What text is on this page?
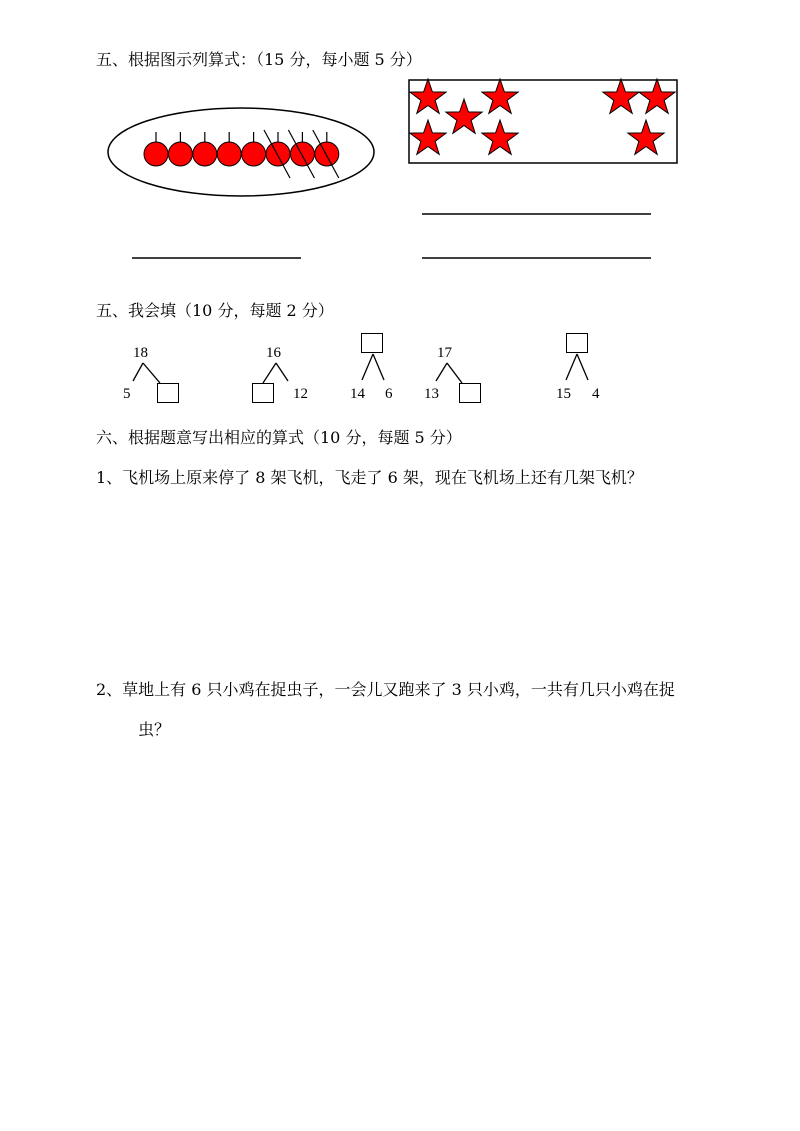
五、根据图示列算式：（15 分，每小题 5 分）
五、我会填（10 分，每题 2 分）
18
5
16
12	14 6
17
13	15 4
六、根据题意写出相应的算式（10 分，每题 5 分）
1、飞机场上原来停了 8 架飞机，飞走了 6 架，现在飞机场上还有几架飞机？
2、草地上有 6 只小鸡在捉虫子，一会儿又跑来了 3 只小鸡，一共有几只小鸡在捉
虫？
